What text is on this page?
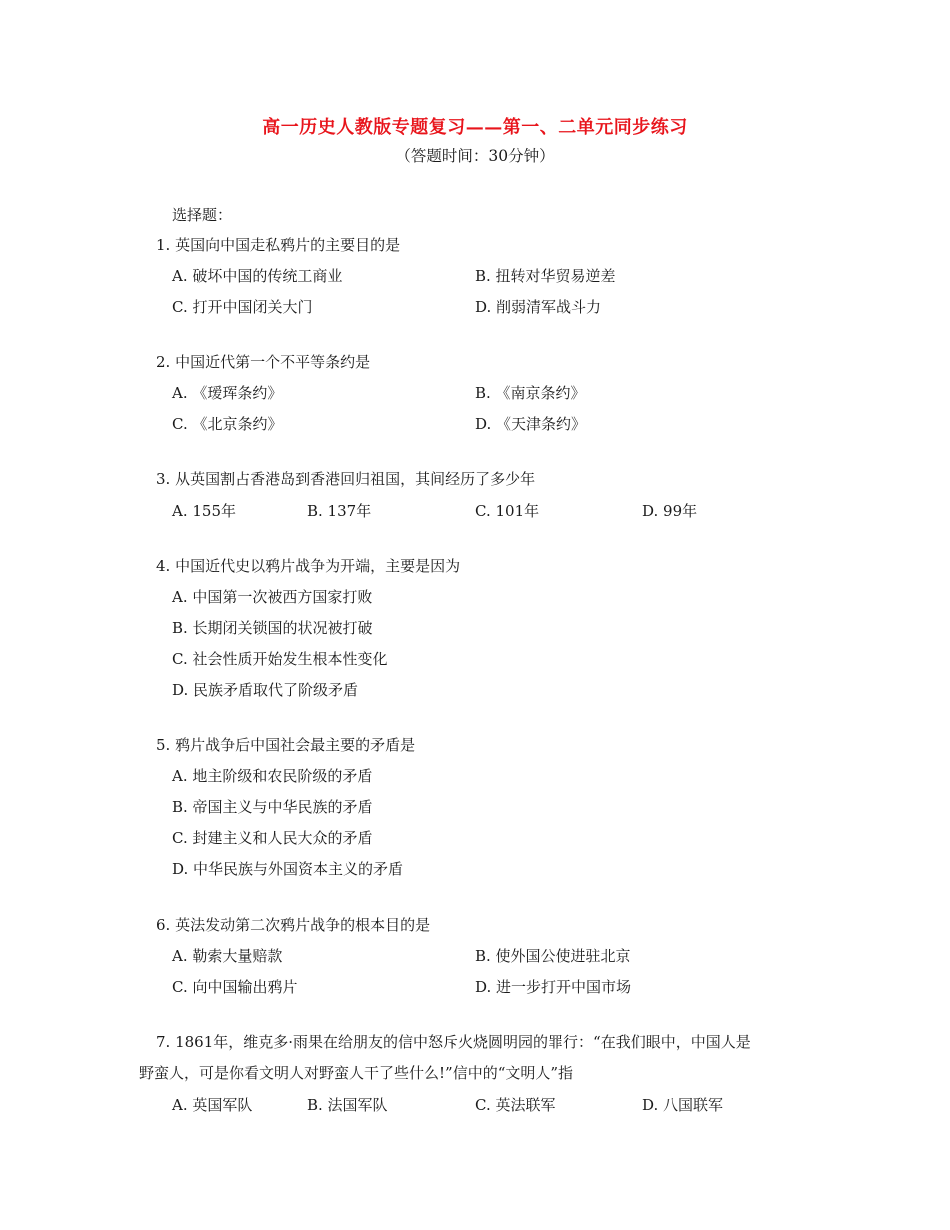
高一历史人教版专题复习——第一、二单元同步练习
（答题时间：30分钟）
选择题：
1. 英国向中国走私鸦片的主要目的是
A. 破坏中国的传统工商业	B. 扭转对华贸易逆差
C. 打开中国闭关大门	D. 削弱清军战斗力
2. 中国近代第一个不平等条约是
A. 《瑷珲条约》	B. 《南京条约》
C. 《北京条约》	D. 《天津条约》
3. 从英国割占香港岛到香港回归祖国，其间经历了多少年
A. 155年	B. 137年	C. 101年	D. 99年
4. 中国近代史以鸦片战争为开端，主要是因为
A. 中国第一次被西方国家打败
B. 长期闭关锁国的状况被打破
C. 社会性质开始发生根本性变化
D. 民族矛盾取代了阶级矛盾
5. 鸦片战争后中国社会最主要的矛盾是
A. 地主阶级和农民阶级的矛盾
B. 帝国主义与中华民族的矛盾
C. 封建主义和人民大众的矛盾
D. 中华民族与外国资本主义的矛盾
6. 英法发动第二次鸦片战争的根本目的是
A. 勒索大量赔款	B. 使外国公使进驻北京
C. 向中国输出鸦片	D. 进一步打开中国市场
7. 1861年，维克多·雨果在给朋友的信中怒斥火烧圆明园的罪行：“在我们眼中，中国人是
野蛮人，可是你看文明人对野蛮人干了些什么!”信中的“文明人”指
A. 英国军队	B. 法国军队	C. 英法联军	D. 八国联军
